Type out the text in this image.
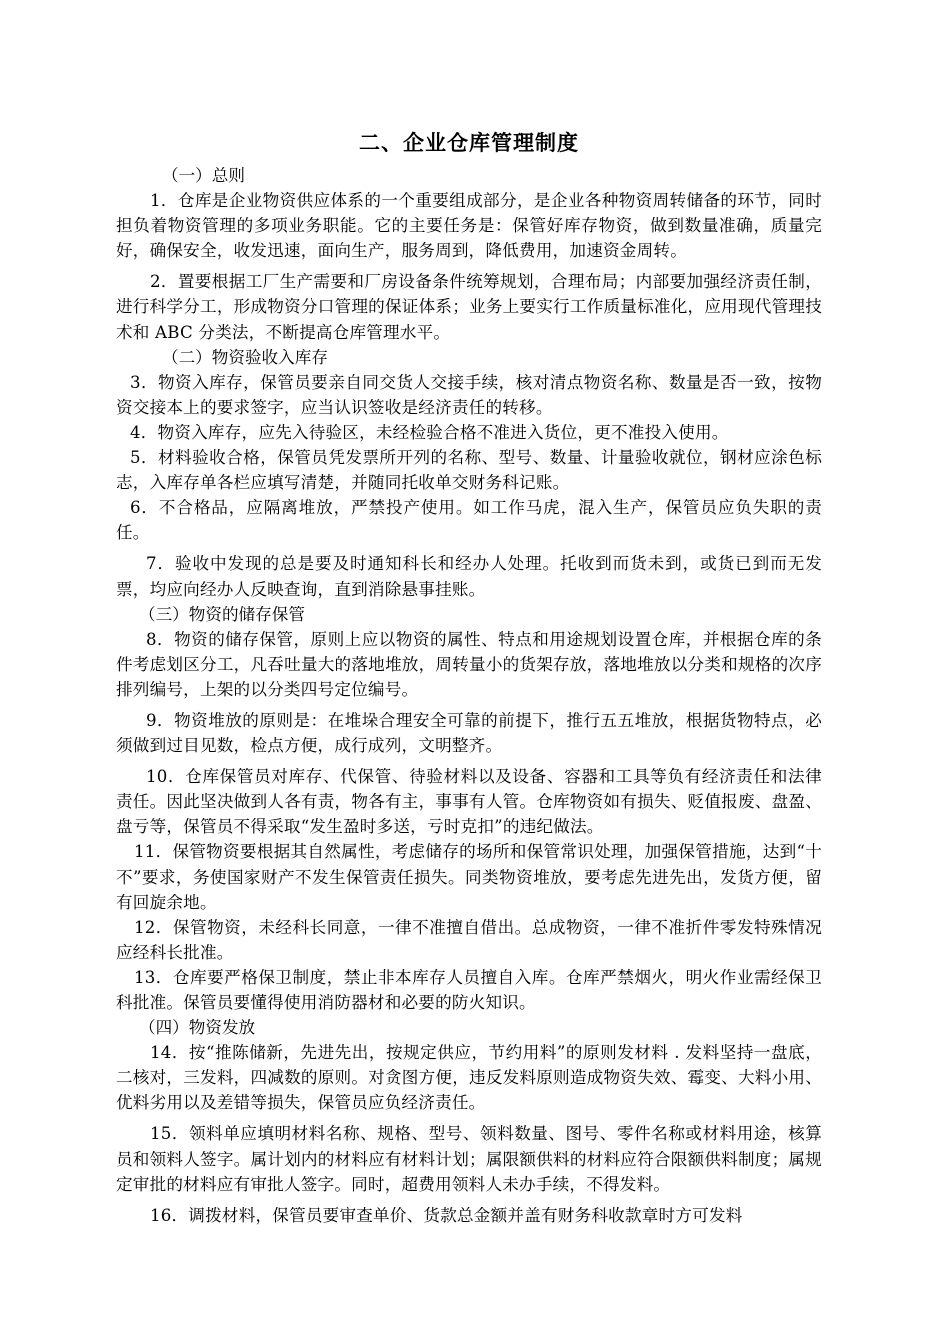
二、企业仓库管理制度
（一）总则

1．仓库是企业物资供应体系的一个重要组成部分，是企业各种物资周转储备的环节，同时担负着物资管理的多项业务职能。它的主要任务是：保管好库存物资，做到数量准确，质量完好，确保安全，收发迅速，面向生产，服务周到，降低费用，加速资金周转。

2．置要根据工厂生产需要和厂房设备条件统筹规划，合理布局；内部要加强经济责任制，进行科学分工，形成物资分口管理的保证体系；业务上要实行工作质量标准化，应用现代管理技术和 ABC 分类法，不断提高仓库管理水平。

（二）物资验收入库存

3．物资入库存，保管员要亲自同交货人交接手续，核对清点物资名称、数量是否一致，按物资交接本上的要求签字，应当认识签收是经济责任的转移。

4．物资入库存，应先入待验区，未经检验合格不准进入货位，更不准投入使用。

5．材料验收合格，保管员凭发票所开列的名称、型号、数量、计量验收就位，钢材应涂色标志，入库存单各栏应填写清楚，并随同托收单交财务科记账。

6．不合格品，应隔离堆放，严禁投产使用。如工作马虎，混入生产，保管员应负失职的责任。

7．验收中发现的总是要及时通知科长和经办人处理。托收到而货未到，或货已到而无发票，均应向经办人反映查询，直到消除悬事挂账。

（三）物资的储存保管

8．物资的储存保管，原则上应以物资的属性、特点和用途规划设置仓库，并根据仓库的条件考虑划区分工，凡吞吐量大的落地堆放，周转量小的货架存放，落地堆放以分类和规格的次序排列编号，上架的以分类四号定位编号。

9．物资堆放的原则是：在堆垛合理安全可靠的前提下，推行五五堆放，根据货物特点，必须做到过目见数，检点方便，成行成列，文明整齐。

10．仓库保管员对库存、代保管、待验材料以及设备、容器和工具等负有经济责任和法律责任。因此坚决做到人各有责，物各有主，事事有人管。仓库物资如有损失、贬值报废、盘盈、盘亏等，保管员不得采取“发生盈时多送，亏时克扣”的违纪做法。

11．保管物资要根据其自然属性，考虑储存的场所和保管常识处理，加强保管措施，达到“十不”要求，务使国家财产不发生保管责任损失。同类物资堆放，要考虑先进先出，发货方便，留有回旋余地。

12．保管物资，未经科长同意，一律不准擅自借出。总成物资，一律不准折件零发特殊情况应经科长批准。

13．仓库要严格保卫制度，禁止非本库存人员擅自入库。仓库严禁烟火，明火作业需经保卫科批准。保管员要懂得使用消防器材和必要的防火知识。

（四）物资发放

14．按“推陈储新，先进先出，按规定供应，节约用料”的原则发材料 . 发料坚持一盘底，二核对，三发料，四减数的原则。对贪图方便，违反发料原则造成物资失效、霉变、大料小用、优料劣用以及差错等损失，保管员应负经济责任。

15．领料单应填明材料名称、规格、型号、领料数量、图号、零件名称或材料用途，核算员和领料人签字。属计划内的材料应有材料计划；属限额供料的材料应符合限额供料制度；属规定审批的材料应有审批人签字。同时，超费用领料人未办手续，不得发料。

16．调拨材料，保管员要审查单价、货款总金额并盖有财务科收款章时方可发料
